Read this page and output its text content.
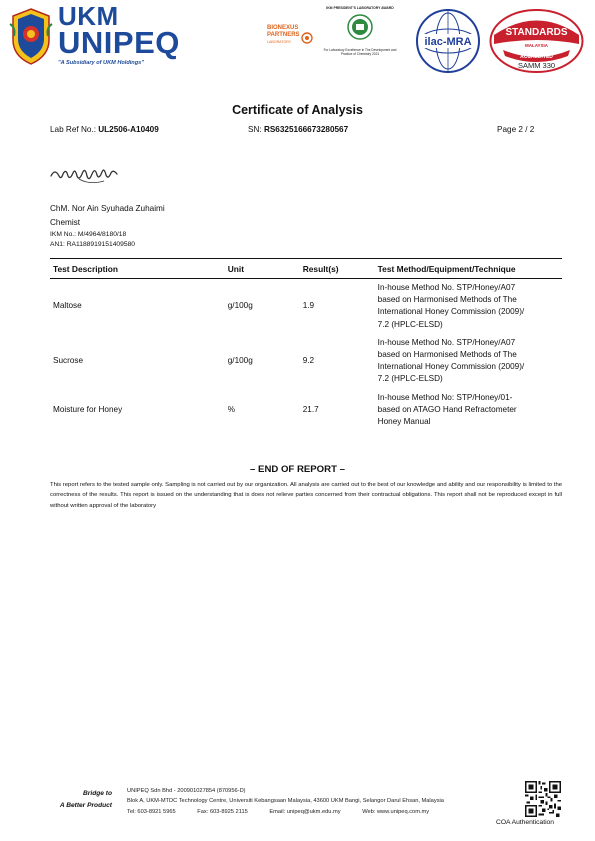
UKM
UNIPEQ
"A Subsidiary of UKM Holdings"
BIONEXUS
PARTNERS
LABORATORY
IKM PRESIDENT'S LABORATORY AWARD
For Laboratory Excellence in The Development and Practice of Chemistry 2021
ilac-MRA
STANDARDS
MALAYSIA
ACCREDITED
SAMM 330
Certificate of Analysis
Lab Ref No.: UL2506-A10409	SN: RS6325166673280567	Page 2 / 2
ChM. Nor Ain Syuhada Zuhaimi
Chemist
IKM No.: M/4964/8180/18
AN1: RA1188919151409580
Test Description	Unit	Result(s)	Test Method/Equipment/Technique
Maltose	g/100g	1.9	In-house Method No. STP/Honey/A07
based on Harmonised Methods of The
International Honey Commission (2009)/
7.2 (HPLC-ELSD)

Sucrose	g/100g	9.2	In-house Method No. STP/Honey/A07
based on Harmonised Methods of The
International Honey Commission (2009)/
7.2 (HPLC-ELSD)

Moisture for Honey	%	21.7	In-house Method No: STP/Honey/01-
based on ATAGO Hand Refractometer
Honey Manual
– END OF REPORT –
This report refers to the tested sample only. Sampling is not carried out by our organization. All analysis are carried out to the best of our knowledge and ability and our responsibility is limited to the correctness of the results. This report is issued on the understanding that is does not relieve parties concerned from their contractual obligations. This report shall not be reproduced except in full without written approval of the laboratory
Bridge to
A Better Product
UNIPEQ Sdn Bhd - 200901027854 (870956-D)
Blok A, UKM-MTDC Technology Centre, Universiti Kebangsaan Malaysia, 43600 UKM Bangi, Selangor Darul Ehsan, Malaysia
Tel: 603-8921 5965	Fax: 603-8925 2115	Email: unipeq@ukm.edu.my	Web: www.unipeq.com.my
COA Authentication
